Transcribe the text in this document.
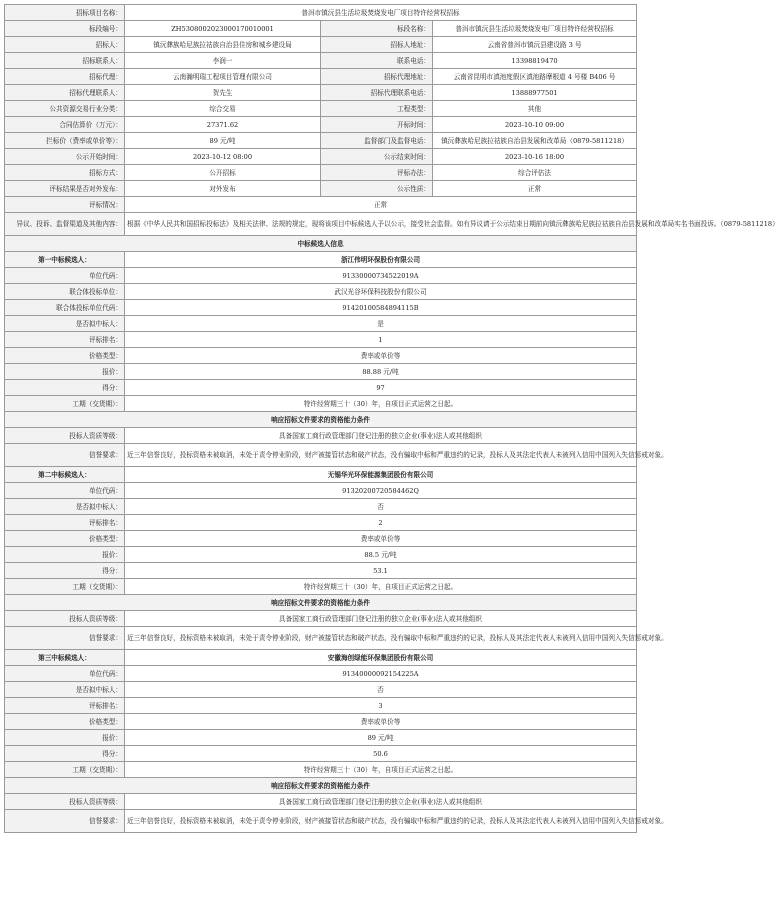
招标项目名称：	普洱市镇沅县生活垃圾焚烧发电厂项目特许经营权招标		
标段编号：	ZH5308002023000170010001	标段名称：	普洱市镇沅县生活垃圾焚烧发电厂项目特许经营权招标
招标人：	镇沅彝族哈尼族拉祜族自治县住房和城乡建设局	招标人地址：	云南省普洱市镇沅县建设路 3 号
招标联系人：	李润一	联系电话：	13398819470
招标代理：	云南瀚明瑞工程项目管理有限公司	招标代理地址：	云南省昆明市滇池度假区滇池路摩根道 4 号楼 B406 号
招标代理联系人：	贺先生	招标代理联系电话：	13888977501
公共资源交易行业分类：	综合交易	工程类型：	其他
合同估算价（万元）：	27371.62	开标时间：	2023-10-10 09:00
拦标价（费率或单价等）：	89 元/吨	监督部门及监督电话：	镇沅彝族哈尼族拉祜族自治县发展和改革局（0879-5811218）
公示开始时间：	2023-10-12 08:00	公示结束时间：	2023-10-16 18:00
招标方式：	公开招标	评标办法：	综合评估法
评标结果是否对外发布：	对外发布	公示性质：	正常
评标情况：	正常		
异议、投诉、监督渠道及其他内容：	根据《中华人民共和国招标投标法》及相关法律、法规的规定，现将该项目中标候选人予以公示，接受社会监督。如有异议请于公示结束日期前向镇沅彝族哈尼族拉祜族自治县发展和改革局实名书面投诉。（0879-5811218）		
中标候选人信息			
第一中标候选人：	浙江伟明环保股份有限公司		
单位代码：	91330000734522019A		
联合体投标单位：	武汉光谷环保科技股份有限公司		
联合体投标单位代码：	91420100584894115B		
是否拟中标人：	是		
评标排名：	1		
价格类型：	费率或单价等		
报价：	88.88 元/吨		
得分：	97		
工期（交货期）：	特许经营期三十（30）年，自项目正式运营之日起。		
响应招标文件要求的资格能力条件			
投标人资质等级：	具备国家工商行政管理部门登记注册的独立企业(事业)法人或其他组织		
信誉要求：	近三年信誉良好，投标资格未被取消，未处于责令停业阶段，财产被接管状态和破产状态，没有骗取中标和严重违约的记录，投标人及其法定代表人未被列入信用中国列入失信惩戒对象。		
第二中标候选人：	无锡华光环保能源集团股份有限公司		
单位代码：	91320200720584462Q		
是否拟中标人：	否		
评标排名：	2		
价格类型：	费率或单价等		
报价：	88.5 元/吨		
得分：	53.1		
工期（交货期）：	特许经营期三十（30）年，自项目正式运营之日起。		
响应招标文件要求的资格能力条件			
投标人资质等级：	具备国家工商行政管理部门登记注册的独立企业(事业)法人或其他组织		
信誉要求：	近三年信誉良好，投标资格未被取消，未处于责令停业阶段，财产被接管状态和破产状态，没有骗取中标和严重违约的记录，投标人及其法定代表人未被列入信用中国列入失信惩戒对象。		
第三中标候选人：	安徽海创绿能环保集团股份有限公司		
单位代码：	91340000092154225A		
是否拟中标人：	否		
评标排名：	3		
价格类型：	费率或单价等		
报价：	89 元/吨		
得分：	50.6		
工期（交货期）：	特许经营期三十（30）年，自项目正式运营之日起。		
响应招标文件要求的资格能力条件			
投标人资质等级：	具备国家工商行政管理部门登记注册的独立企业(事业)法人或其他组织		
信誉要求：	近三年信誉良好，投标资格未被取消，未处于责令停业阶段，财产被接管状态和破产状态，没有骗取中标和严重违约的记录，投标人及其法定代表人未被列入信用中国列入失信惩戒对象。		
